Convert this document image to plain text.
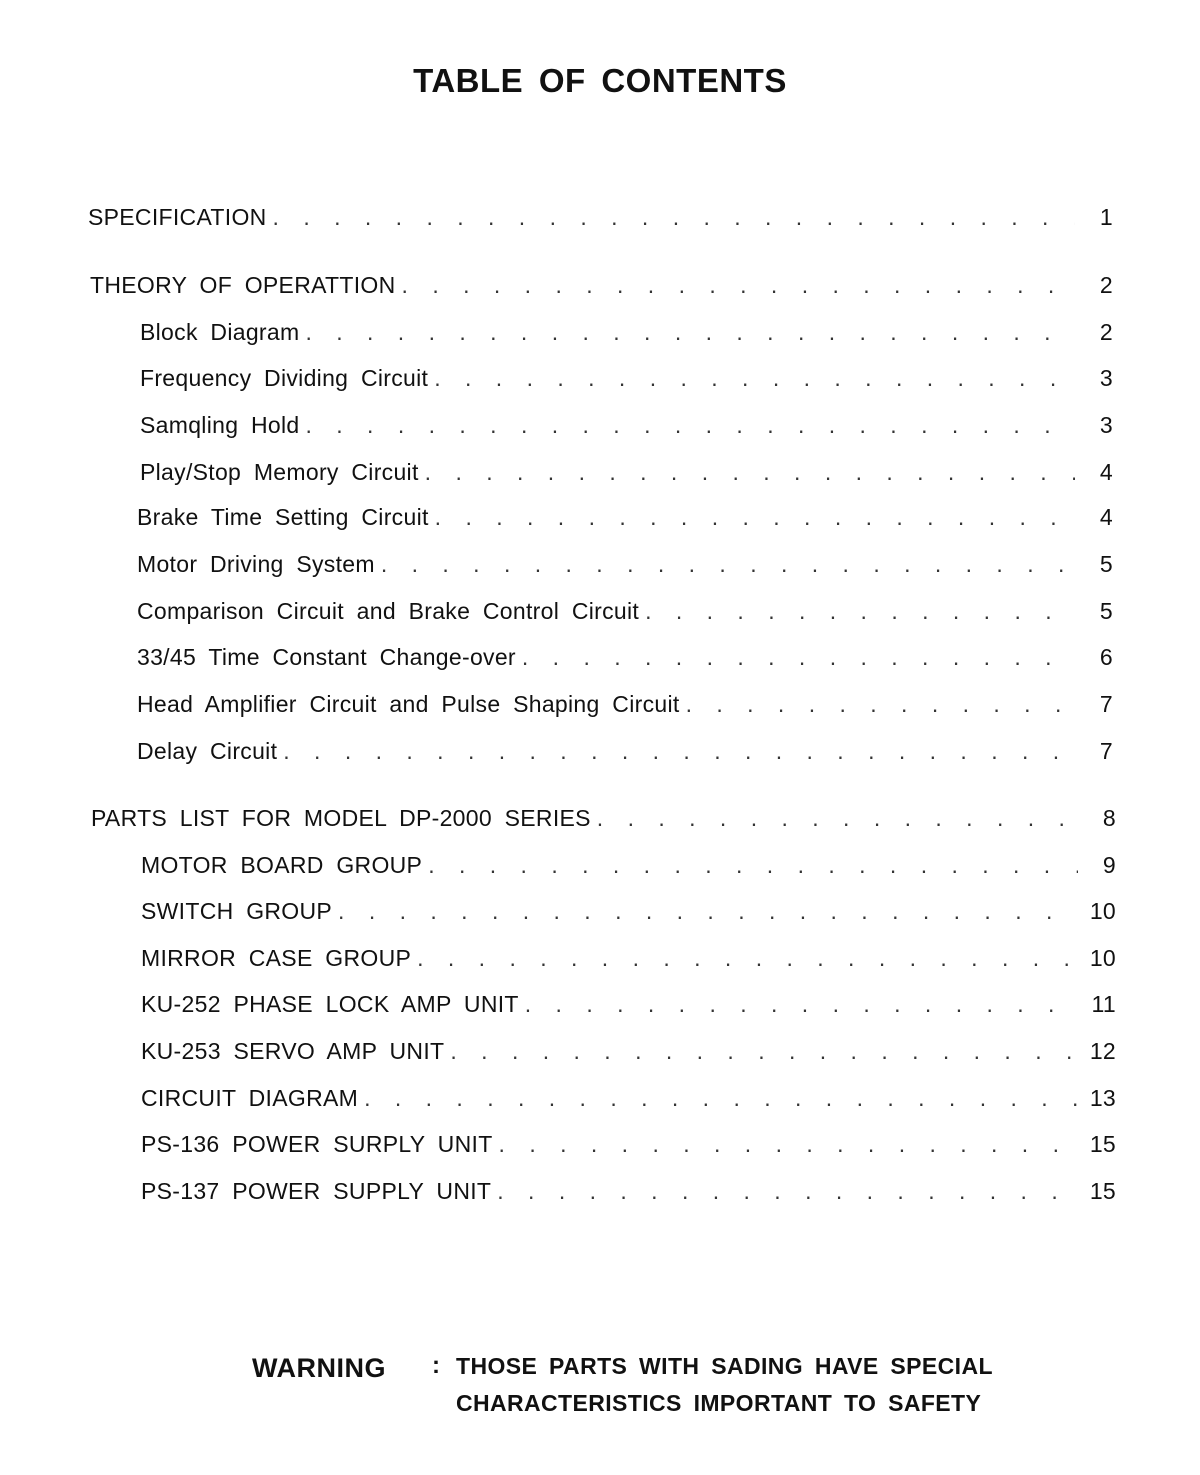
TABLE OF CONTENTS
SPECIFICATION . . .	1
THEORY OF OPERATTION . . .	2
Block Diagram . . .	2
Frequency Dividing Circuit . . .	3
Samqling Hold . . .	3
Play/Stop Memory Circuit . . .	4
Brake Time Setting Circuit . . .	4
Motor Driving System . . .	5
Comparison Circuit and Brake Control Circuit . . .	5
33/45 Time Constant Change-over . . .	6
Head Amplifier Circuit and Pulse Shaping Circuit . . .	7
Delay Circuit . . .	7
PARTS LIST FOR MODEL DP-2000 SERIES . . .	8
MOTOR BOARD GROUP . . .	9
SWITCH GROUP . . .	10
MIRROR CASE GROUP . . .	10
KU-252 PHASE LOCK AMP UNIT . . .	11
KU-253 SERVO AMP UNIT . . .	12
CIRCUIT DIAGRAM . . .	13
PS-136 POWER SURPLY UNIT . . .	15
PS-137 POWER SUPPLY UNIT . . .	15
WARNING : THOSE PARTS WITH SADING HAVE SPECIAL
CHARACTERISTICS IMPORTANT TO SAFETY
